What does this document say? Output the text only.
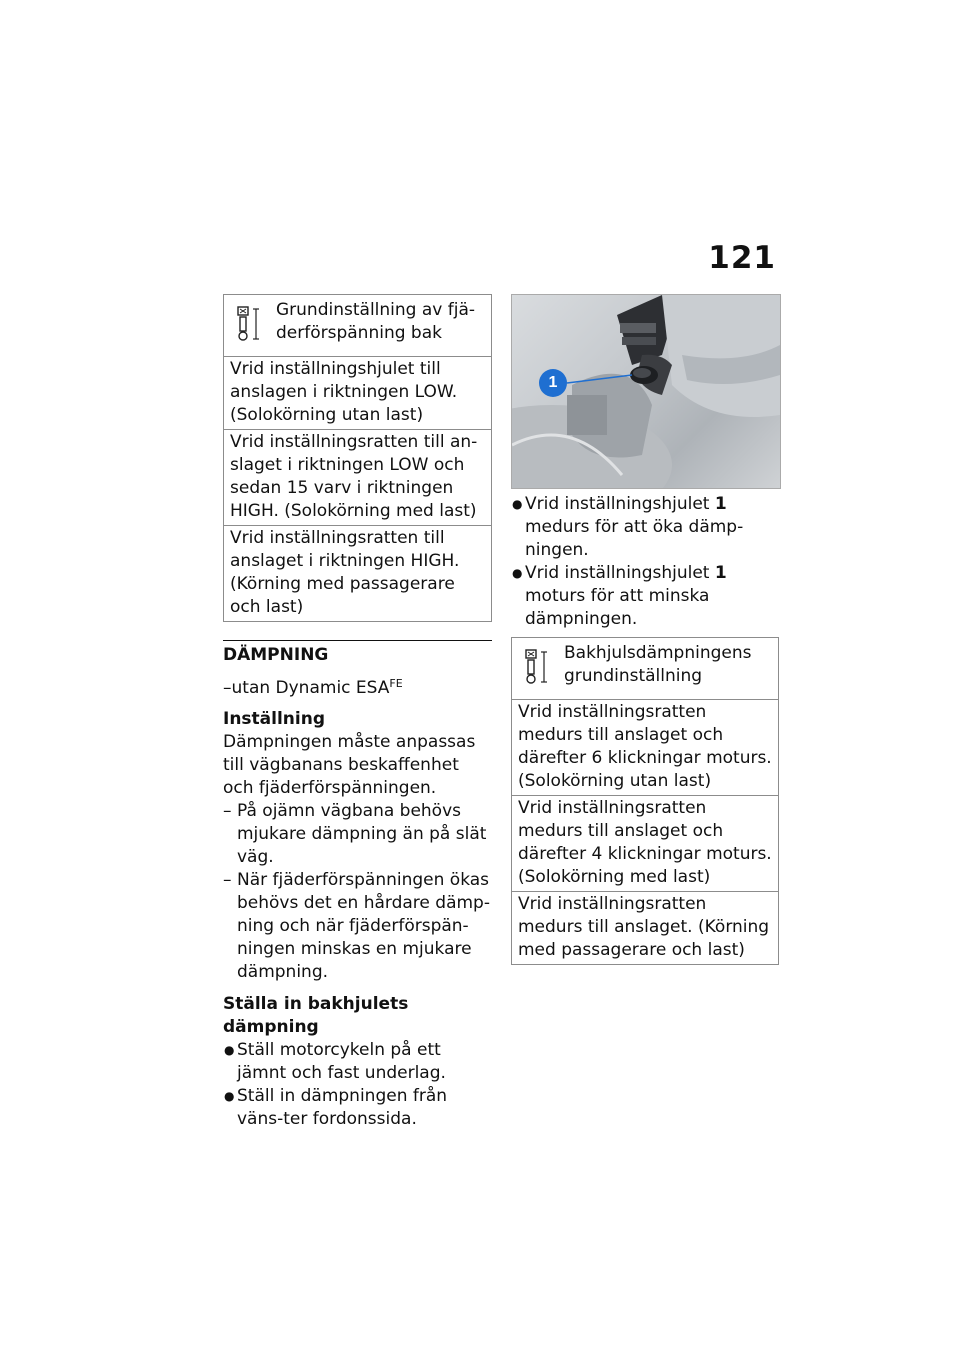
121
Grundinställning av fjä-derförspänning bak
Vrid inställningshjulet till anslagen i riktningen LOW. (Solokörning utan last)
Vrid inställningsratten till an-slaget i riktningen LOW och sedan 15 varv i riktningen HIGH. (Solokörning med last)
Vrid inställningsratten till anslaget i riktningen HIGH. (Körning med passagerare och last)
DÄMPNING
–utan Dynamic $ESA^{FE}$
Inställning

Dämpningen måste anpassas till vägbanans beskaffenhet och fjäderförspänningen.

– På ojämn vägbana behövs mjukare dämpning än på slät väg.
– När fjäderförspänningen ökas behövs det en hårdare dämp-ning och när fjäderförspän-ningen minskas en mjukare dämpning.
Ställa in bakhjulets dämpning
● Ställ motorcykeln på ett jämnt och fast underlag.
● Ställ in dämpningen från väns-ter fordonssida.
1
● Vrid inställningshjulet 1 medurs för att öka dämp-ningen.
● Vrid inställningshjulet 1 moturs för att minska dämpningen.
Bakhjulsdämpningens grundinställning
Vrid inställningsratten medurs till anslaget och därefter 6 klickningar moturs. (Solokörning utan last)
Vrid inställningsratten medurs till anslaget och därefter 4 klickningar moturs. (Solokörning med last)
Vrid inställningsratten medurs till anslaget. (Körning med passagerare och last)
